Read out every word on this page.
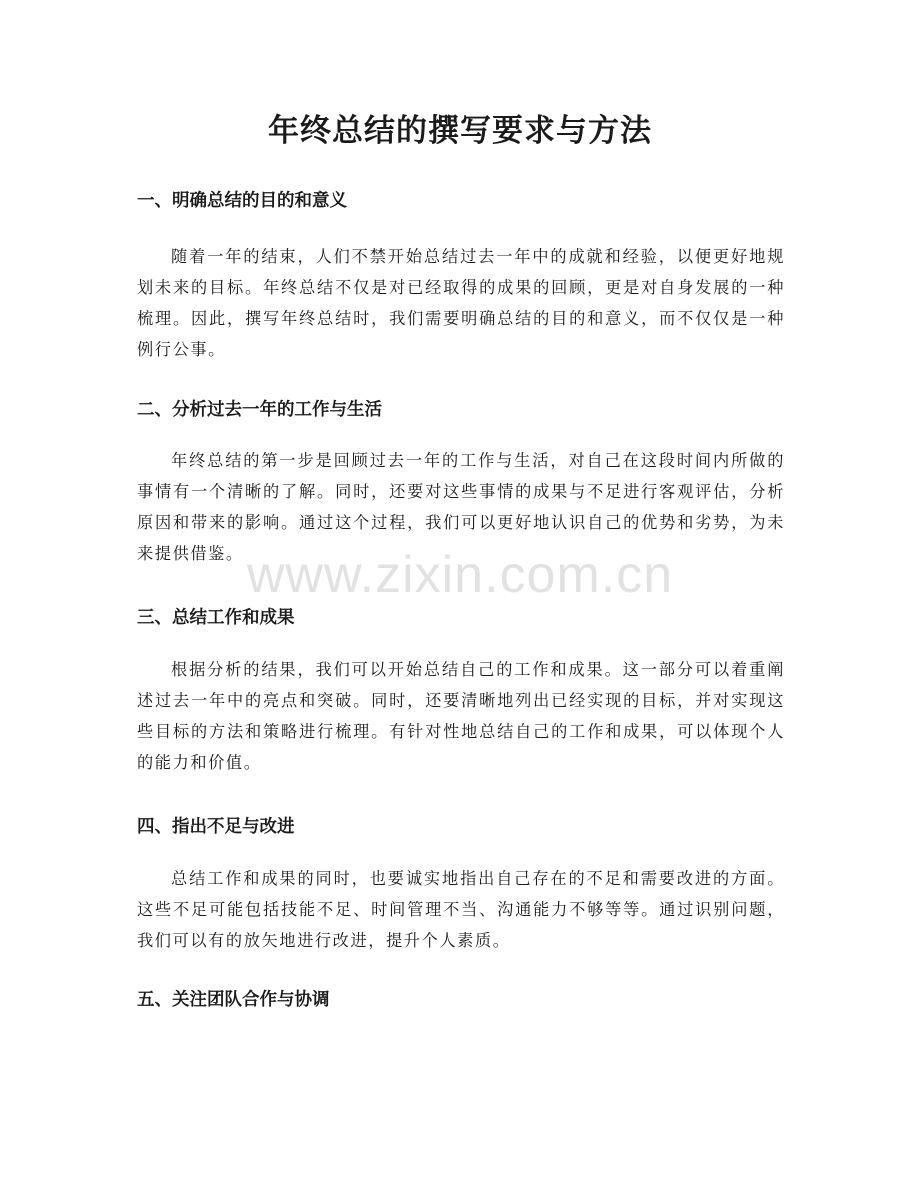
年终总结的撰写要求与方法
一、明确总结的目的和意义

随着一年的结束，人们不禁开始总结过去一年中的成就和经验，以便更好地规划未来的目标。年终总结不仅是对已经取得的成果的回顾，更是对自身发展的一种梳理。因此，撰写年终总结时，我们需要明确总结的目的和意义，而不仅仅是一种例行公事。

二、分析过去一年的工作与生活

年终总结的第一步是回顾过去一年的工作与生活，对自己在这段时间内所做的事情有一个清晰的了解。同时，还要对这些事情的成果与不足进行客观评估，分析原因和带来的影响。通过这个过程，我们可以更好地认识自己的优势和劣势，为未来提供借鉴。

三、总结工作和成果

根据分析的结果，我们可以开始总结自己的工作和成果。这一部分可以着重阐述过去一年中的亮点和突破。同时，还要清晰地列出已经实现的目标，并对实现这些目标的方法和策略进行梳理。有针对性地总结自己的工作和成果，可以体现个人的能力和价值。

四、指出不足与改进

总结工作和成果的同时，也要诚实地指出自己存在的不足和需要改进的方面。这些不足可能包括技能不足、时间管理不当、沟通能力不够等等。通过识别问题，我们可以有的放矢地进行改进，提升个人素质。

五、关注团队合作与协调
www.zixin.com.cn
